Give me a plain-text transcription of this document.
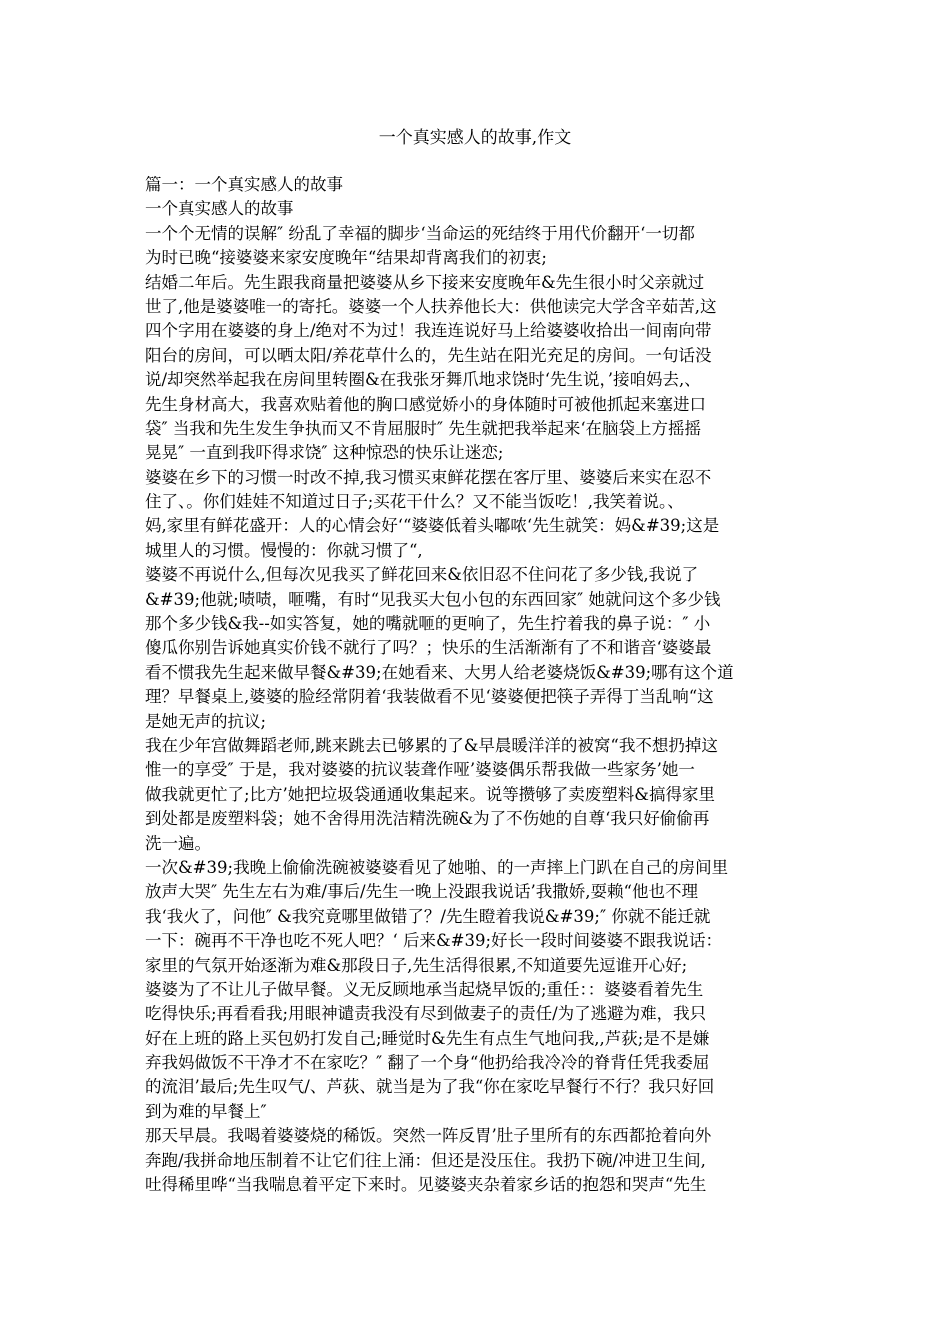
一个真实感人的故事,作文
篇一：一个真实感人的故事
一个真实感人的故事
一个个无情的误解″ 纷乱了幸福的脚步‘当命运的死结终于用代价翻开‘一切都
为时已晚“接婆婆来家安度晚年“结果却背离我们的初衷;
结婚二年后。先生跟我商量把婆婆从乡下接来安度晚年&先生很小时父亲就过
世了,他是婆婆唯一的寄托。婆婆一个人扶养他长大：供他读完大学含辛茹苦,这
四个字用在婆婆的身上/绝对不为过！我连连说好马上给婆婆收拾出一间南向带
阳台的房间，可以晒太阳/养花草什么的，先生站在阳光充足的房间。一句话没
说/却突然举起我在房间里转圈&在我张牙舞爪地求饶时‘先生说，’接咱妈去,、
先生身材高大，我喜欢贴着他的胸口感觉娇小的身体随时可被他抓起来塞进口
袋″ 当我和先生发生争执而又不肯屈服时″ 先生就把我举起来‘在脑袋上方摇摇
晃晃″ 一直到我吓得求饶″ 这种惊恐的快乐让迷恋;
婆婆在乡下的习惯一时改不掉,我习惯买束鲜花摆在客厅里、婆婆后来实在忍不
住了、。你们娃娃不知道过日子;买花干什么？又不能当饭吃！,我笑着说。、
妈,家里有鲜花盛开：人的心情会好‘“婆婆低着头嘟哝‘先生就笑：妈&#39;这是
城里人的习惯。慢慢的：你就习惯了“,
婆婆不再说什么,但每次见我买了鲜花回来&依旧忍不住问花了多少钱,我说了
&#39;他就;啧啧，咂嘴，有时“见我买大包小包的东西回家″ 她就问这个多少钱
那个多少钱&我--如实答复，她的嘴就咂的更响了，先生拧着我的鼻子说：″ 小
傻瓜你别告诉她真实价钱不就行了吗？；快乐的生活渐渐有了不和谐音‘婆婆最
看不惯我先生起来做早餐&#39;在她看来、大男人给老婆烧饭&#39;哪有这个道
理？早餐桌上,婆婆的脸经常阴着‘我装做看不见‘婆婆便把筷子弄得丁当乱响“这
是她无声的抗议;
我在少年宫做舞蹈老师,跳来跳去已够累的了&早晨暖洋洋的被窝“我不想扔掉这
惟一的享受″ 于是，我对婆婆的抗议装聋作哑’婆婆偶乐帮我做一些家务’她一
做我就更忙了;比方’她把垃圾袋通通收集起来。说等攒够了卖废塑料&搞得家里
到处都是废塑料袋；她不舍得用洗洁精洗碗&为了不伤她的自尊‘我只好偷偷再
洗一遍。
一次&#39;我晚上偷偷洗碗被婆婆看见了她啪、的一声摔上门趴在自己的房间里
放声大哭″ 先生左右为难/事后/先生一晚上没跟我说话’我撒娇,耍赖“他也不理
我‘我火了，问他″ &我究竟哪里做错了？/先生瞪着我说&#39;″ 你就不能迁就
一下：碗再不干净也吃不死人吧？‘ 后来&#39;好长一段时间婆婆不跟我说话：
家里的气氛开始逐渐为难&那段日子,先生活得很累,不知道要先逗谁开心好;
婆婆为了不让儿子做早餐。义无反顾地承当起烧早饭的;重任：：婆婆看着先生
吃得快乐;再看看我;用眼神谴责我没有尽到做妻子的责任/为了逃避为难，我只
好在上班的路上买包奶打发自己;睡觉时&先生有点生气地问我,,芦荻;是不是嫌
弃我妈做饭不干净才不在家吃？″ 翻了一个身“他扔给我冷冷的脊背任凭我委屈
的流泪’最后;先生叹气/、芦荻、就当是为了我“你在家吃早餐行不行？我只好回
到为难的早餐上″
那天早晨。我喝着婆婆烧的稀饭。突然一阵反胃’肚子里所有的东西都抢着向外
奔跑/我拼命地压制着不让它们往上涌：但还是没压住。我扔下碗/冲进卫生间,
吐得稀里哗“当我喘息着平定下来时。见婆婆夹杂着家乡话的抱怨和哭声“先生
